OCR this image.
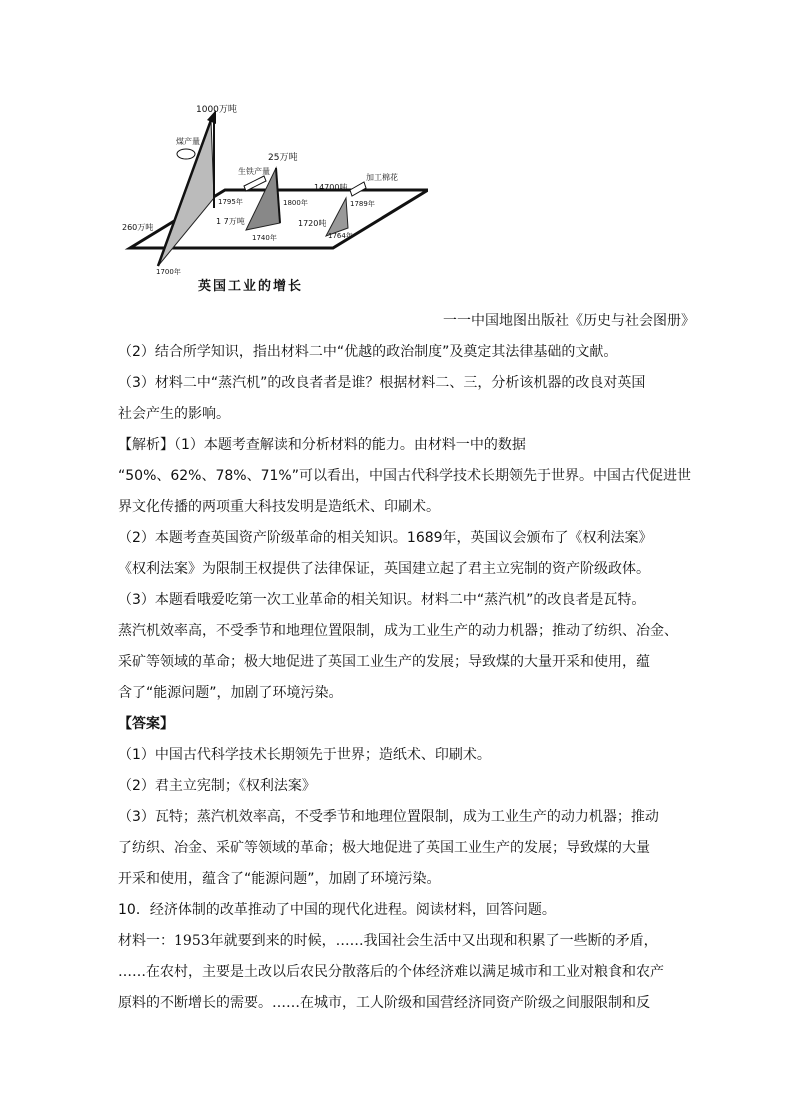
1000万吨
煤产量
260万吨
1700年
1795年
25万吨
生铁产量
1 7万吨
1740年
1800年
14700吨
加工棉花
1720吨
1764年
1789年
英国工业的增长
一一中国地图出版社《历史与社会图册》
（2）结合所学知识，指出材料二中“优越的政治制度”及奠定其法律基础的文献。
（3）材料二中“蒸汽机”的改良者者是谁？根据材料二、三，分析该机器的改良对英国
社会产生的影响。
【解析】（1）本题考查解读和分析材料的能力。由材料一中的数据
“50%、62%、78%、71%”可以看出，中国古代科学技术长期领先于世界。中国古代促进世
界文化传播的两项重大科技发明是造纸术、印刷术。
（2）本题考查英国资产阶级革命的相关知识。1689年，英国议会颁布了《权利法案》
《权利法案》为限制王权提供了法律保证，英国建立起了君主立宪制的资产阶级政体。
（3）本题看哦爱吃第一次工业革命的相关知识。材料二中“蒸汽机”的改良者是瓦特。
蒸汽机效率高，不受季节和地理位置限制，成为工业生产的动力机器；推动了纺织、冶金、
采矿等领域的革命；极大地促进了英国工业生产的发展；导致煤的大量开采和使用，蕴
含了“能源问题”，加剧了环境污染。
【答案】
（1）中国古代科学技术长期领先于世界；造纸术、印刷术。
（2）君主立宪制；《权利法案》
（3）瓦特；蒸汽机效率高，不受季节和地理位置限制，成为工业生产的动力机器；推动
了纺织、冶金、采矿等领域的革命；极大地促进了英国工业生产的发展；导致煤的大量
开采和使用，蕴含了“能源问题”，加剧了环境污染。
10．经济体制的改革推动了中国的现代化进程。阅读材料，回答问题。
材料一：1953年就要到来的时候，……我国社会生活中又出现和积累了一些断的矛盾，
……在农村，主要是土改以后农民分散落后的个体经济难以满足城市和工业对粮食和农产
原料的不断增长的需要。……在城市，工人阶级和国营经济同资产阶级之间服限制和反
